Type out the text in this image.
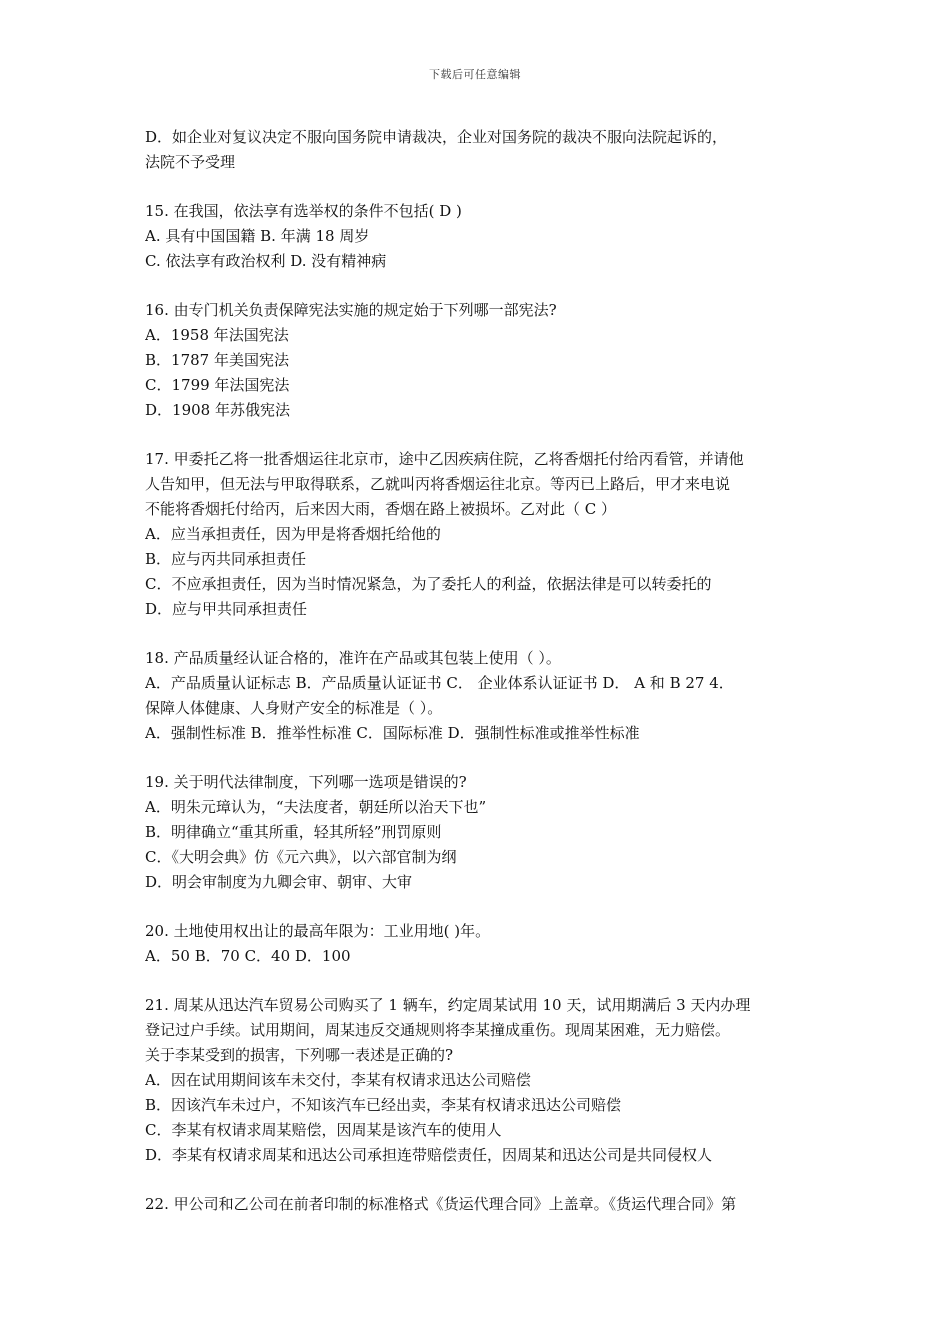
下载后可任意编辑
D．如企业对复议决定不服向国务院申请裁决，企业对国务院的裁决不服向法院起诉的，
法院不予受理
15. 在我国，依法享有选举权的条件不包括( D )
A. 具有中国国籍 B. 年满 18 周岁
C. 依法享有政治权利 D. 没有精神病
16. 由专门机关负责保障宪法实施的规定始于下列哪一部宪法?
A．1958 年法国宪法
B．1787 年美国宪法
C．1799 年法国宪法
D．1908 年苏俄宪法
17. 甲委托乙将一批香烟运往北京市，途中乙因疾病住院，乙将香烟托付给丙看管，并请他
人告知甲，但无法与甲取得联系，乙就叫丙将香烟运往北京。等丙已上路后，甲才来电说
不能将香烟托付给丙，后来因大雨，香烟在路上被损坏。乙对此（ C ）
A．应当承担责任，因为甲是将香烟托给他的
B．应与丙共同承担责任
C．不应承担责任，因为当时情况紧急，为了委托人的利益，依据法律是可以转委托的
D．应与甲共同承担责任
18. 产品质量经认证合格的，准许在产品或其包装上使用（ ）。
A．产品质量认证标志 B．产品质量认证证书 C． 企业体系认证证书 D． A 和 B 27 4．
保障人体健康、人身财产安全的标准是（ ）。
A．强制性标准 B．推举性标准 C．国际标准 D．强制性标准或推举性标准
19. 关于明代法律制度，下列哪一选项是错误的?
A．明朱元璋认为，“夫法度者，朝廷所以治天下也”
B．明律确立“重其所重，轻其所轻”刑罚原则
C．《大明会典》仿《元六典》，以六部官制为纲
D．明会审制度为九卿会审、朝审、大审
20. 土地使用权出让的最高年限为：工业用地( )年。
A．50 B．70 C．40 D．100
21. 周某从迅达汽车贸易公司购买了 1 辆车，约定周某试用 10 天，试用期满后 3 天内办理
登记过户手续。试用期间，周某违反交通规则将李某撞成重伤。现周某困难，无力赔偿。
关于李某受到的损害，下列哪一表述是正确的?
A．因在试用期间该车未交付，李某有权请求迅达公司赔偿
B．因该汽车未过户，不知该汽车已经出卖，李某有权请求迅达公司赔偿
C．李某有权请求周某赔偿，因周某是该汽车的使用人
D．李某有权请求周某和迅达公司承担连带赔偿责任，因周某和迅达公司是共同侵权人
22. 甲公司和乙公司在前者印制的标准格式《货运代理合同》上盖章。《货运代理合同》第
